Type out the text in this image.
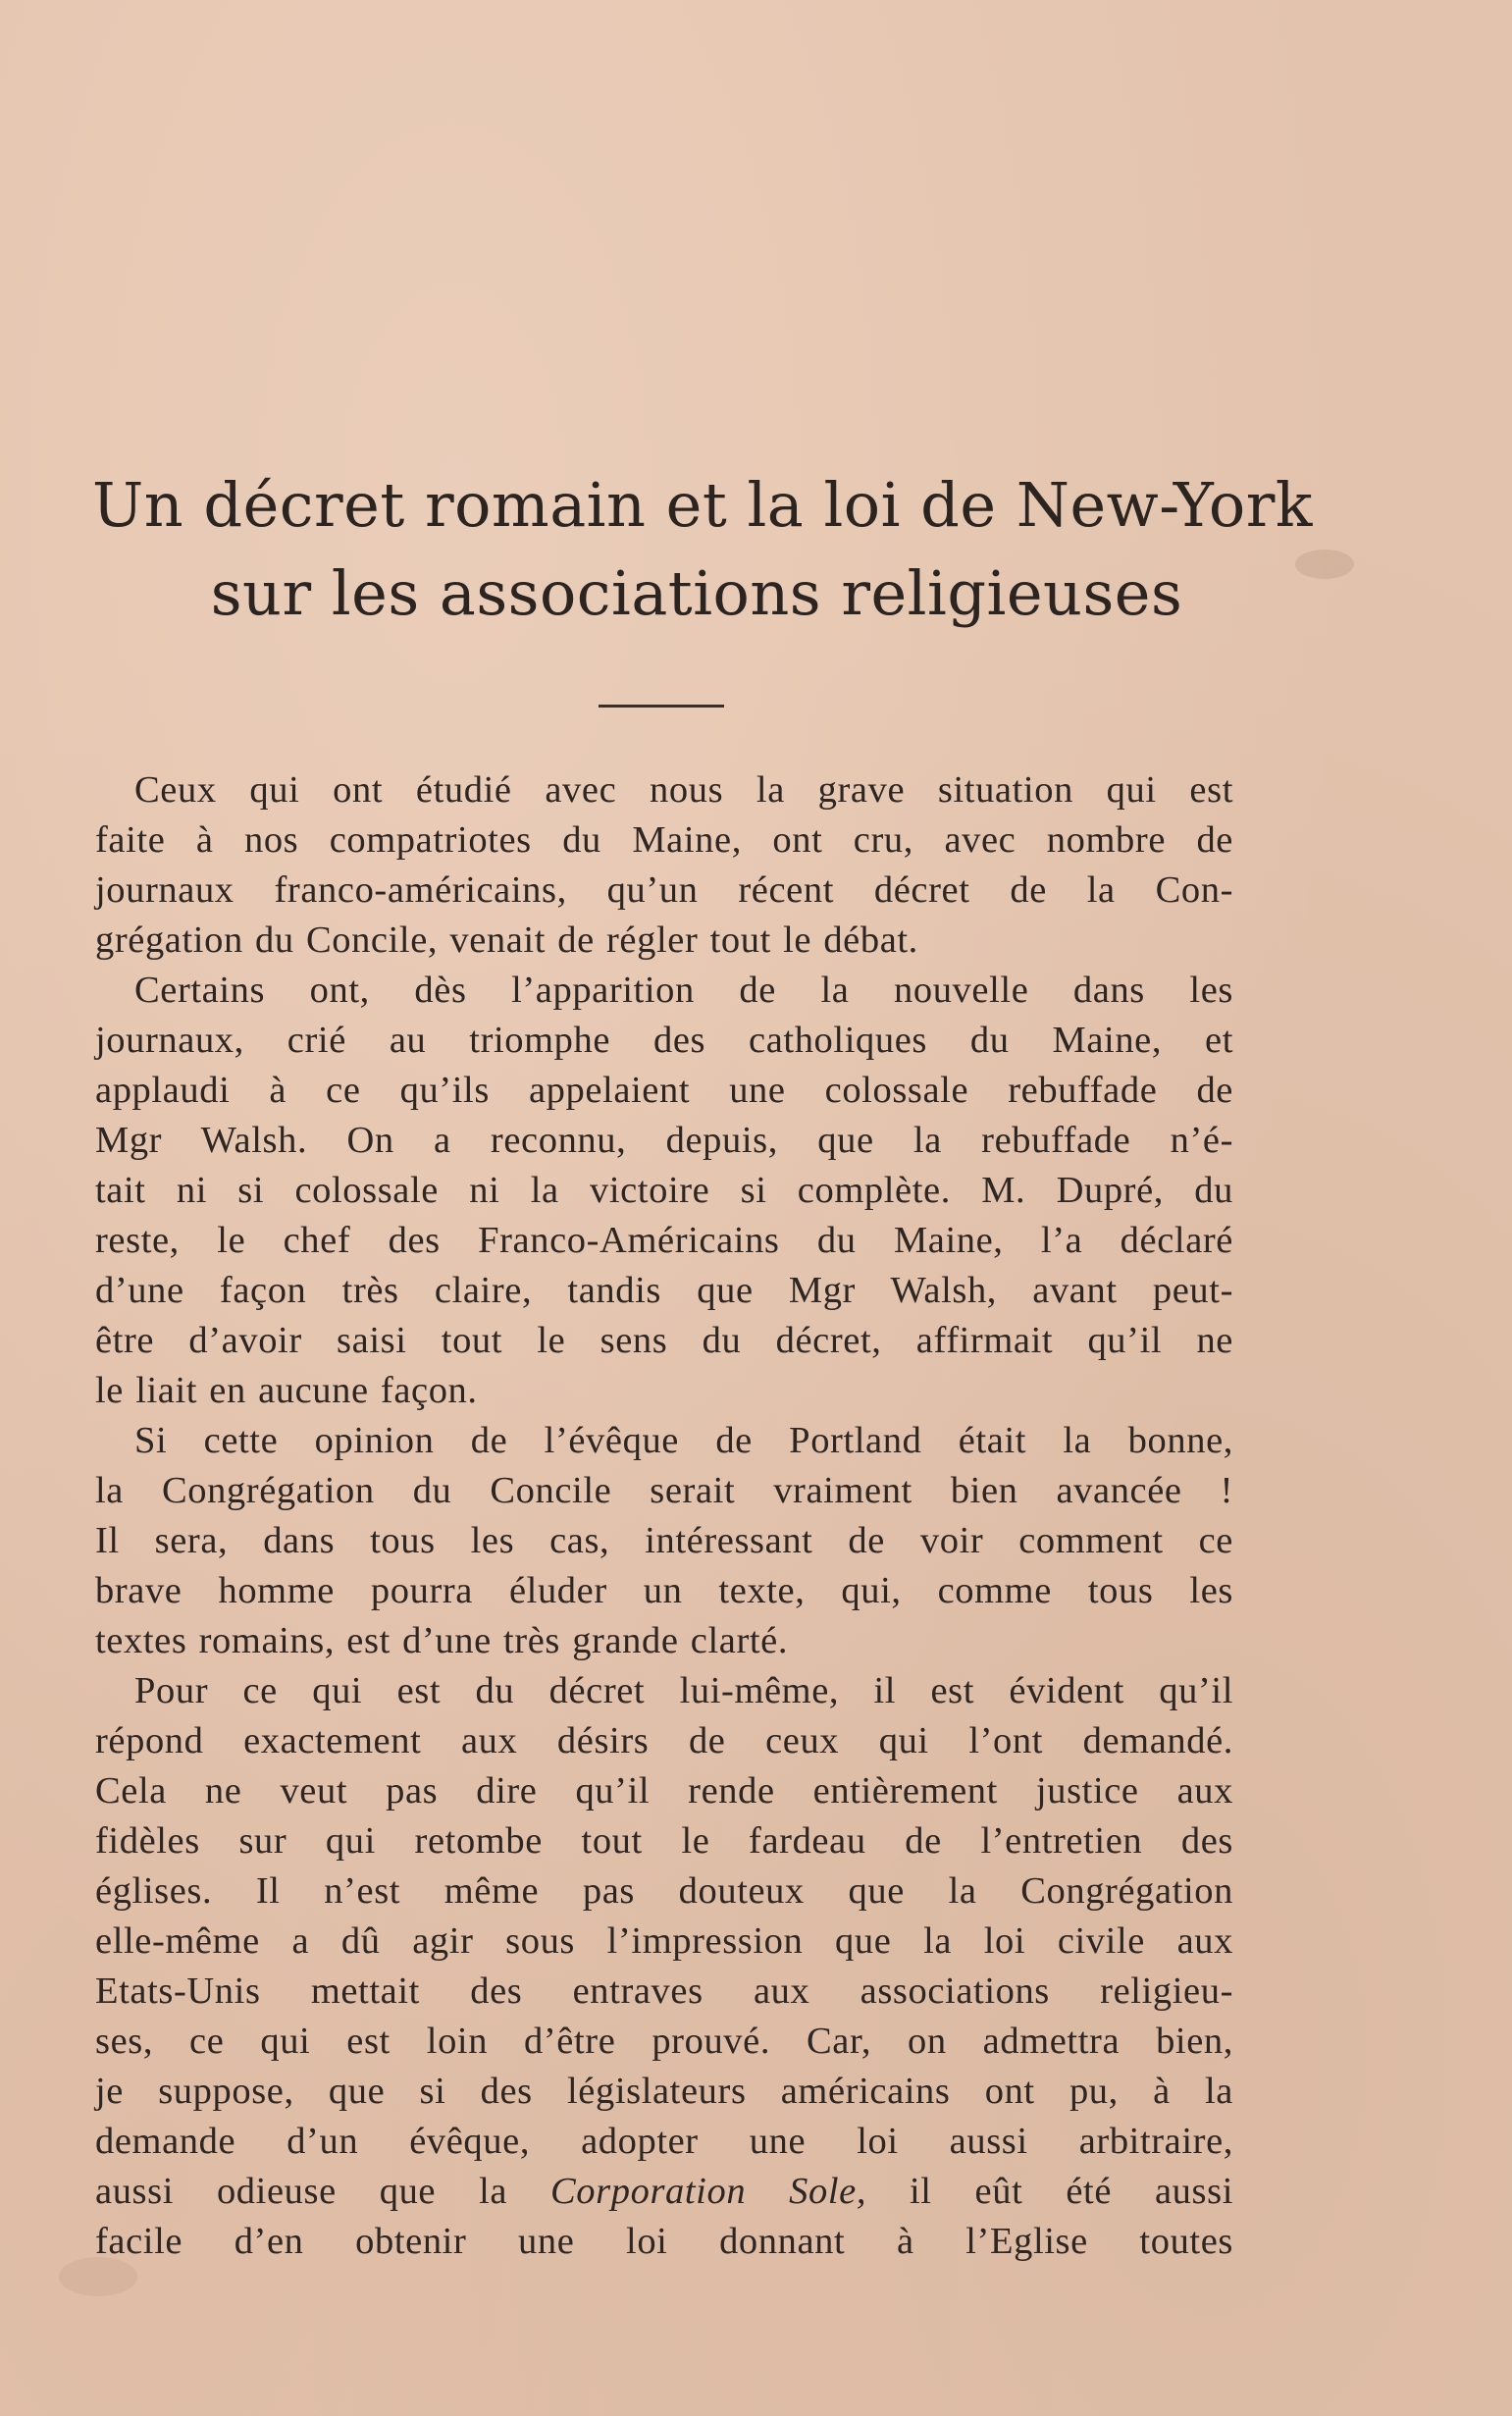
Un décret romain et la loi de New-York
sur les associations religieuses
Ceux qui ont étudié avec nous la grave situation qui est
faite à nos compatriotes du Maine, ont cru, avec nombre de
journaux franco-américains, qu’un récent décret de la Con-
grégation du Concile, venait de régler tout le débat.
Certains ont, dès l’apparition de la nouvelle dans les
journaux, crié au triomphe des catholiques du Maine, et
applaudi à ce qu’ils appelaient une colossale rebuffade de
Mgr Walsh. On a reconnu, depuis, que la rebuffade n’é-
tait ni si colossale ni la victoire si complète. M. Dupré, du
reste, le chef des Franco-Américains du Maine, l’a déclaré
d’une façon très claire, tandis que Mgr Walsh, avant peut-
être d’avoir saisi tout le sens du décret, affirmait qu’il ne
le liait en aucune façon.
Si cette opinion de l’évêque de Portland était la bonne,
la Congrégation du Concile serait vraiment bien avancée !
Il sera, dans tous les cas, intéressant de voir comment ce
brave homme pourra éluder un texte, qui, comme tous les
textes romains, est d’une très grande clarté.
Pour ce qui est du décret lui-même, il est évident qu’il
répond exactement aux désirs de ceux qui l’ont demandé.
Cela ne veut pas dire qu’il rende entièrement justice aux
fidèles sur qui retombe tout le fardeau de l’entretien des
églises. Il n’est même pas douteux que la Congrégation
elle-même a dû agir sous l’impression que la loi civile aux
Etats-Unis mettait des entraves aux associations religieu-
ses, ce qui est loin d’être prouvé. Car, on admettra bien,
je suppose, que si des législateurs américains ont pu, à la
demande d’un évêque, adopter une loi aussi arbitraire,
aussi odieuse que la Corporation Sole, il eût été aussi
facile d’en obtenir une loi donnant à l’Eglise toutes
